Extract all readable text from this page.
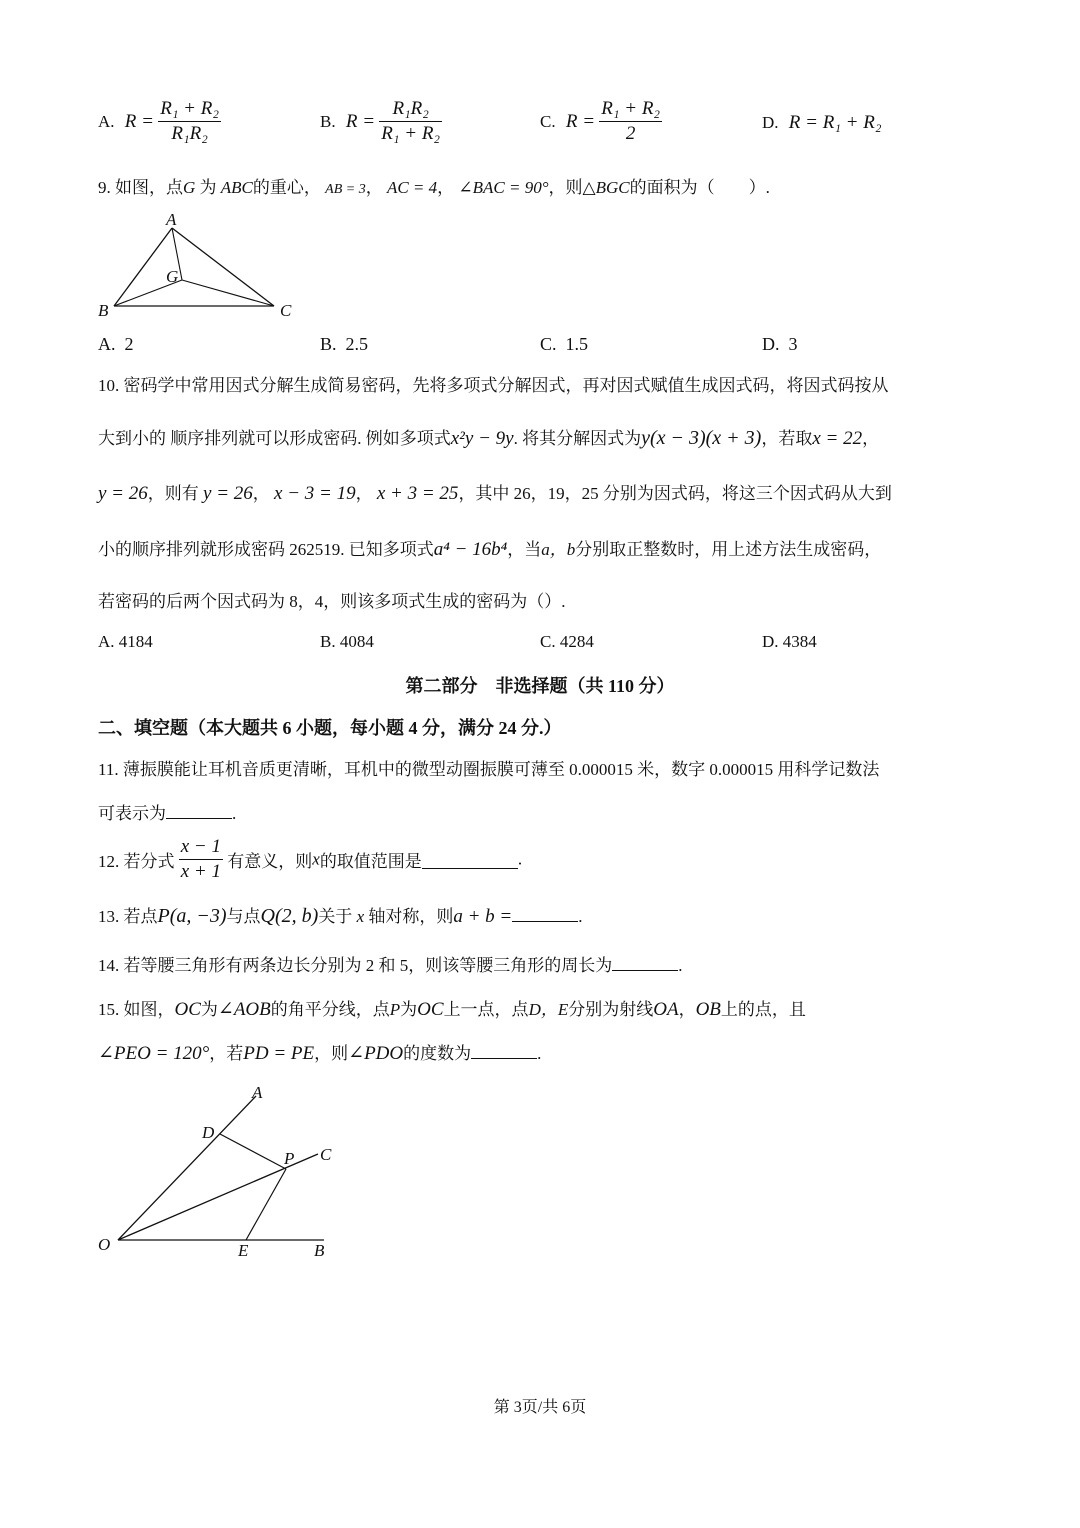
A. $R = \frac{\text{R₁ + R₂}}{\text{R₁R₂}}$	B. $R = \frac{\text{R₁R₂}}{\text{R₁ + R₂}}$	C. $R = \frac{\text{R₁ + R₂}}{2}$	D. R = R₁ + R₂
9. 如图，点G 为 ABC的重心， AB = 3， AC = 4， ∠BAC = 90°，则△BGC的面积为（　　）.
A
G
B	C
A. 2	B. 2.5	C. 1.5	D. 3
10. 密码学中常用因式分解生成简易密码，先将多项式分解因式，再对因式赋值生成因式码，将因式码按从
大到小的 顺序排列就可以形成密码. 例如多项式x²y − 9y. 将其分解因式为y(x − 3)(x + 3)，若取x = 22，
y = 26，则有 y = 26， x − 3 = 19， x + 3 = 25，其中 26，19，25 分别为因式码，将这三个因式码从大到
小的顺序排列就形成密码 262519. 已知多项式a⁴ − 16b⁴，当a，b分别取正整数时，用上述方法生成密码，
若密码的后两个因式码为 8，4，则该多项式生成的密码为（）.
A. 4184	B. 4084	C. 4284	D. 4384
第二部分　非选择题（共 110 分）
二、填空题（本大题共 6 小题，每小题 4 分，满分 24 分.）
11. 薄振膜能让耳机音质更清晰，耳机中的微型动圈振膜可薄至 0.000015 米，数字 0.000015 用科学记数法
可表示为	.
12. 若分式 $\frac{x - 1}{x + 1}$ 有意义，则x的取值范围是	.
13. 若点P(a, −3)与点Q(2, b)关于 x 轴对称，则a + b =	.
14. 若等腰三角形有两条边长分别为 2 和 5，则该等腰三角形的周长为	.
15. 如图，OC为∠AOB的角平分线，点P为OC上一点，点D，E分别为射线OA，OB上的点，且
∠PEO = 120°，若PD = PE，则∠PDO的度数为	.
A
D
P C
O	E	B
第 3页/共 6页
